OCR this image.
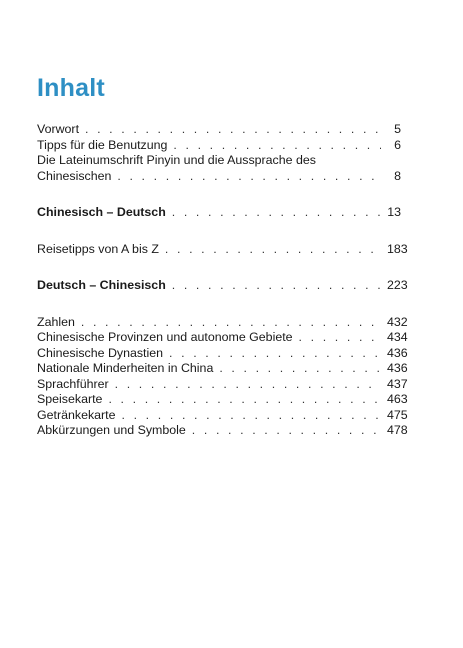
Inhalt
Vorwort . . .	5
Tipps für die Benutzung . . .	6
Die Lateinumschrift Pinyin und die Aussprache des
Chinesischen . . .	8
Chinesisch – Deutsch . . .	13
Reisetipps von A bis Z . . .	183
Deutsch – Chinesisch . . .	223
Zahlen . . .	432
Chinesische Provinzen und autonome Gebiete . . .	434
Chinesische Dynastien . . .	436
Nationale Minderheiten in China . . .	436
Sprachführer . . .	437
Speisekarte . . .	463
Getränkekarte . . .	475
Abkürzungen und Symbole . . .	478
